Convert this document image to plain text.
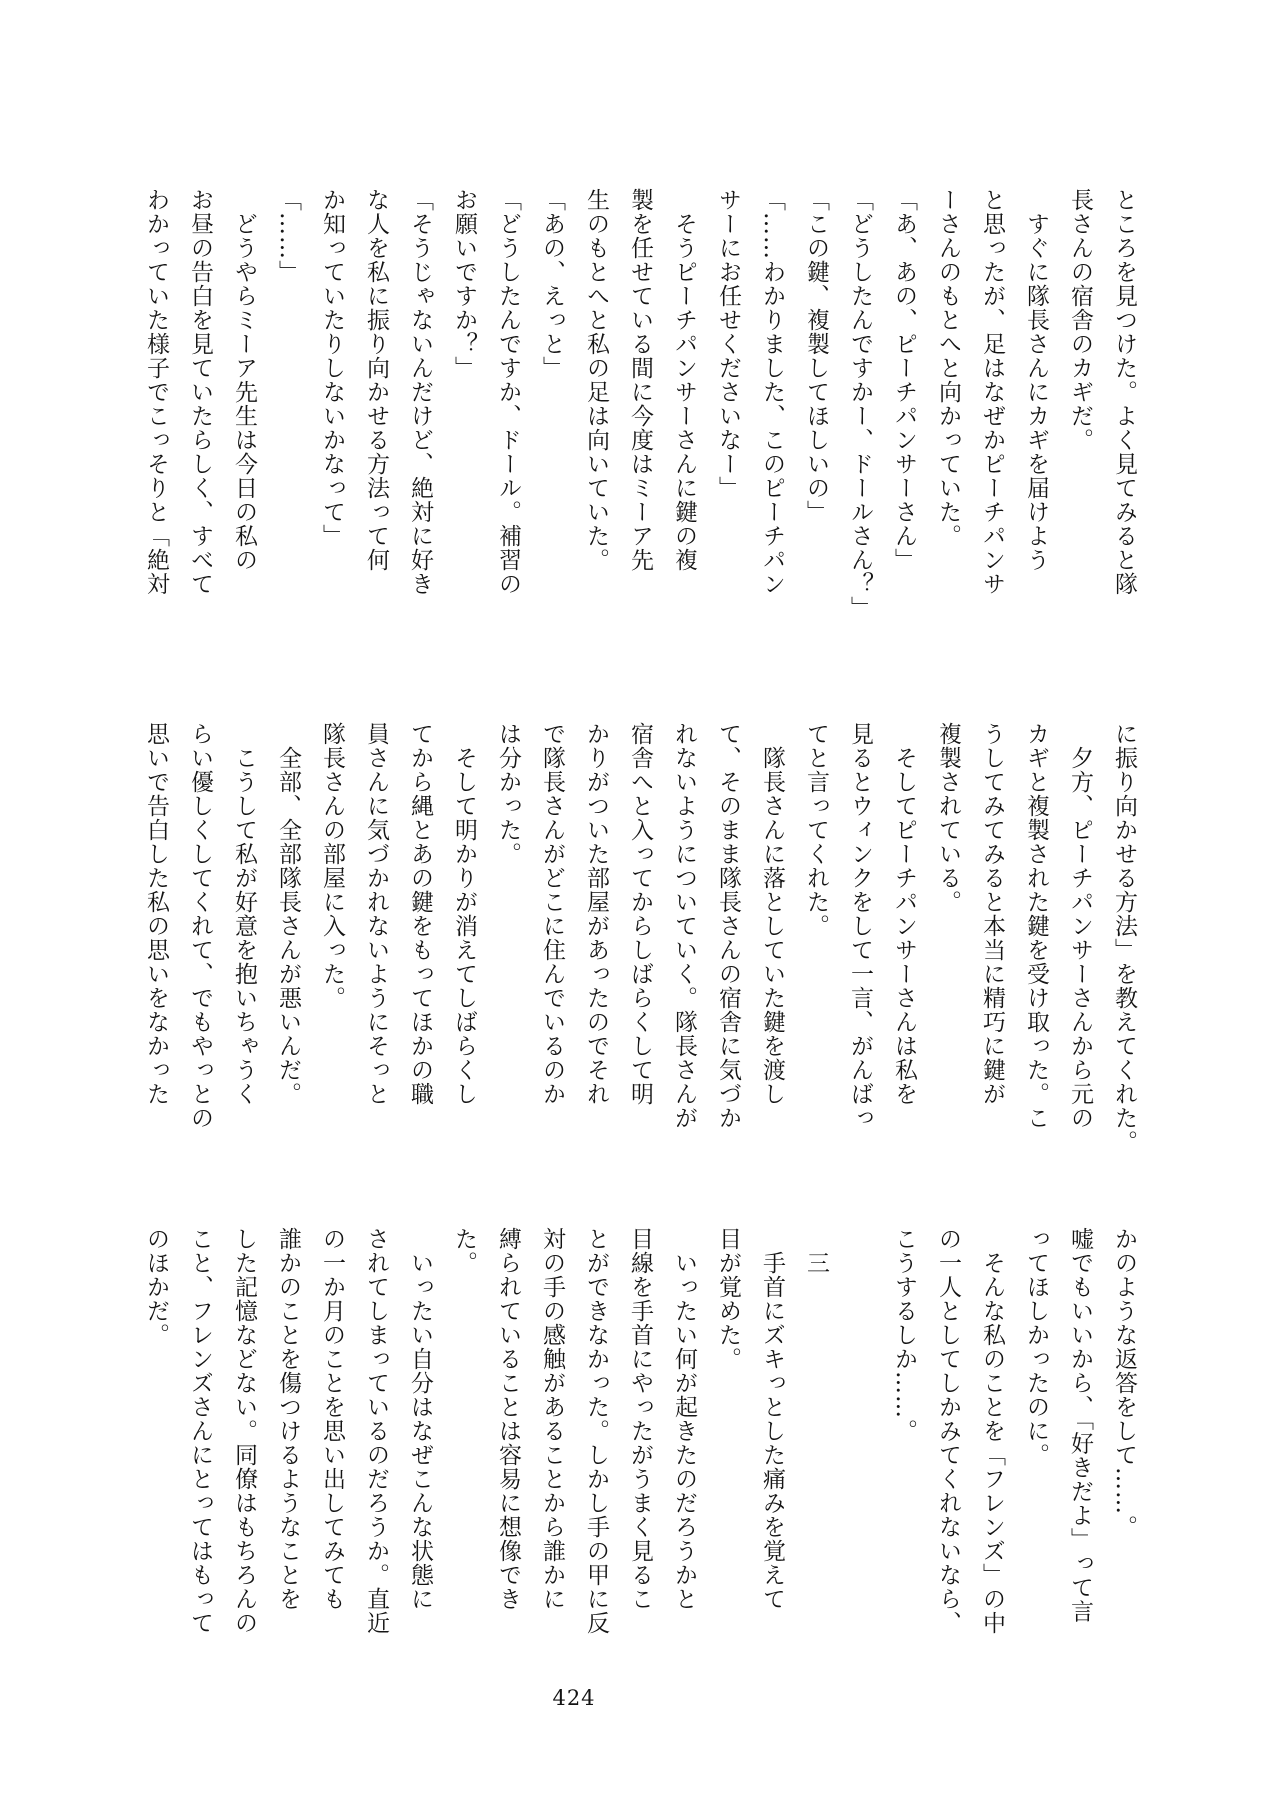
ところを見つけた。よく見てみると隊
長さんの宿舎のカギだ。
　すぐに隊長さんにカギを届けよう
と思ったが、足はなぜかピーチパンサ
ーさんのもとへと向かっていた。
「あ、あの、ピーチパンサーさん」
「どうしたんですかー、ドールさん？」
「この鍵、複製してほしいの」
「……わかりました、このピーチパン
サーにお任せくださいなー」
　そうピーチパンサーさんに鍵の複
製を任せている間に今度はミーア先
生のもとへと私の足は向いていた。
「あの、えっと」
「どうしたんですか、ドール。補習の
お願いですか？」
「そうじゃないんだけど、絶対に好き
な人を私に振り向かせる方法って何
か知っていたりしないかなって」
「……」
　どうやらミーア先生は今日の私の
お昼の告白を見ていたらしく、すべて
わかっていた様子でこっそりと「絶対
に振り向かせる方法」を教えてくれた。
　夕方、ピーチパンサーさんから元の
カギと複製された鍵を受け取った。こ
うしてみてみると本当に精巧に鍵が
複製されている。
　そしてピーチパンサーさんは私を
見るとウィンクをして一言、がんばっ
てと言ってくれた。
　隊長さんに落としていた鍵を渡し
て、そのまま隊長さんの宿舎に気づか
れないようについていく。隊長さんが
宿舎へと入ってからしばらくして明
かりがついた部屋があったのでそれ
で隊長さんがどこに住んでいるのか
は分かった。
　そして明かりが消えてしばらくし
てから縄とあの鍵をもってほかの職
員さんに気づかれないようにそっと
隊長さんの部屋に入った。
　全部、全部隊長さんが悪いんだ。
　こうして私が好意を抱いちゃうく
らい優しくしてくれて、でもやっとの
思いで告白した私の思いをなかった
かのような返答をして……。
嘘でもいいから、「好きだよ」って言
ってほしかったのに。
　そんな私のことを「フレンズ」の中
の一人としてしかみてくれないなら、
こうするしか……。
　三
　手首にズキっとした痛みを覚えて
目が覚めた。
　いったい何が起きたのだろうかと
目線を手首にやったがうまく見るこ
とができなかった。しかし手の甲に反
対の手の感触があることから誰かに
縛られていることは容易に想像でき
た。
　いったい自分はなぜこんな状態に
されてしまっているのだろうか。直近
の一か月のことを思い出してみても
誰かのことを傷つけるようなことを
した記憶などない。同僚はもちろんの
こと、フレンズさんにとってはもって
のほかだ。
424
